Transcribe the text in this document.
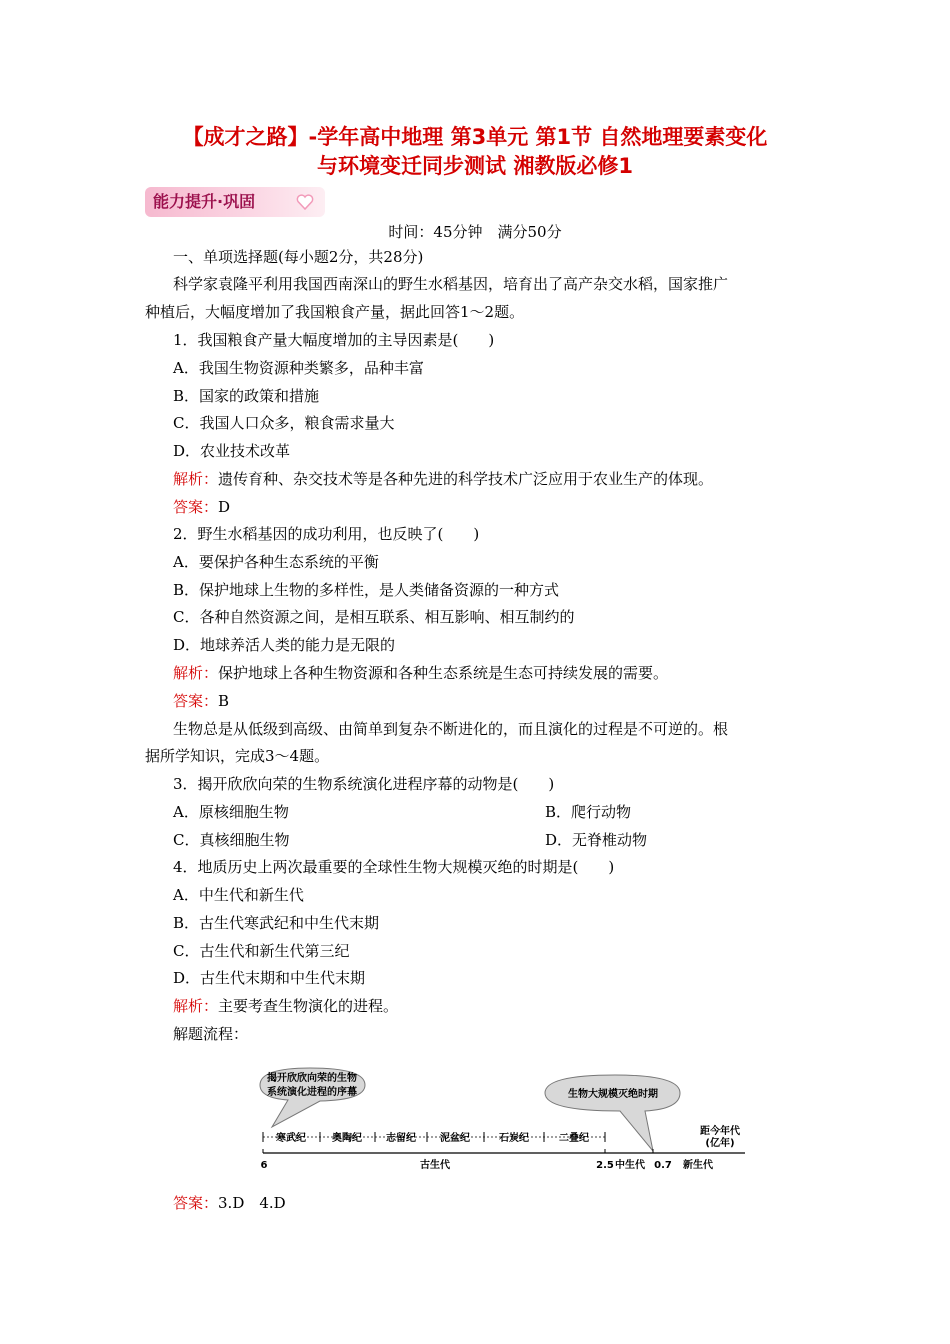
【成才之路】-学年高中地理 第3单元 第1节 自然地理要素变化
与环境变迁同步测试 湘教版必修1
能力提升·巩固
时间：45分钟　满分50分
一、单项选择题(每小题2分，共28分)
科学家袁隆平利用我国西南深山的野生水稻基因，培育出了高产杂交水稻，国家推广
种植后，大幅度增加了我国粮食产量，据此回答1～2题。
1．我国粮食产量大幅度增加的主导因素是(　　)
A．我国生物资源种类繁多，品种丰富
B．国家的政策和措施
C．我国人口众多，粮食需求量大
D．农业技术改革
解析：遗传育种、杂交技术等是各种先进的科学技术广泛应用于农业生产的体现。
答案：D
2．野生水稻基因的成功利用，也反映了(　　)
A．要保护各种生态系统的平衡
B．保护地球上生物的多样性，是人类储备资源的一种方式
C．各种自然资源之间，是相互联系、相互影响、相互制约的
D．地球养活人类的能力是无限的
解析：保护地球上各种生物资源和各种生态系统是生态可持续发展的需要。
答案：B
生物总是从低级到高级、由简单到复杂不断进化的，而且演化的过程是不可逆的。根
据所学知识，完成3～4题。
3．揭开欣欣向荣的生物系统演化进程序幕的动物是(　　)
A．原核细胞生物	B．爬行动物
C．真核细胞生物	D．无脊椎动物
4．地质历史上两次最重要的全球性生物大规模灭绝的时期是(　　)
A．中生代和新生代
B．古生代寒武纪和中生代末期
C．古生代和新生代第三纪
D．古生代末期和中生代末期
解析：主要考查生物演化的进程。
解题流程：
揭开欣欣向荣的生物
系统演化进程的序幕	生物大规模灭绝时期
寒武纪	奥陶纪 志留纪 泥盆纪	石炭纪	二叠纪
距今年代
(亿年)
6	古生代	2.5 中生代 0.7 新生代
答案：3.D　4.D
